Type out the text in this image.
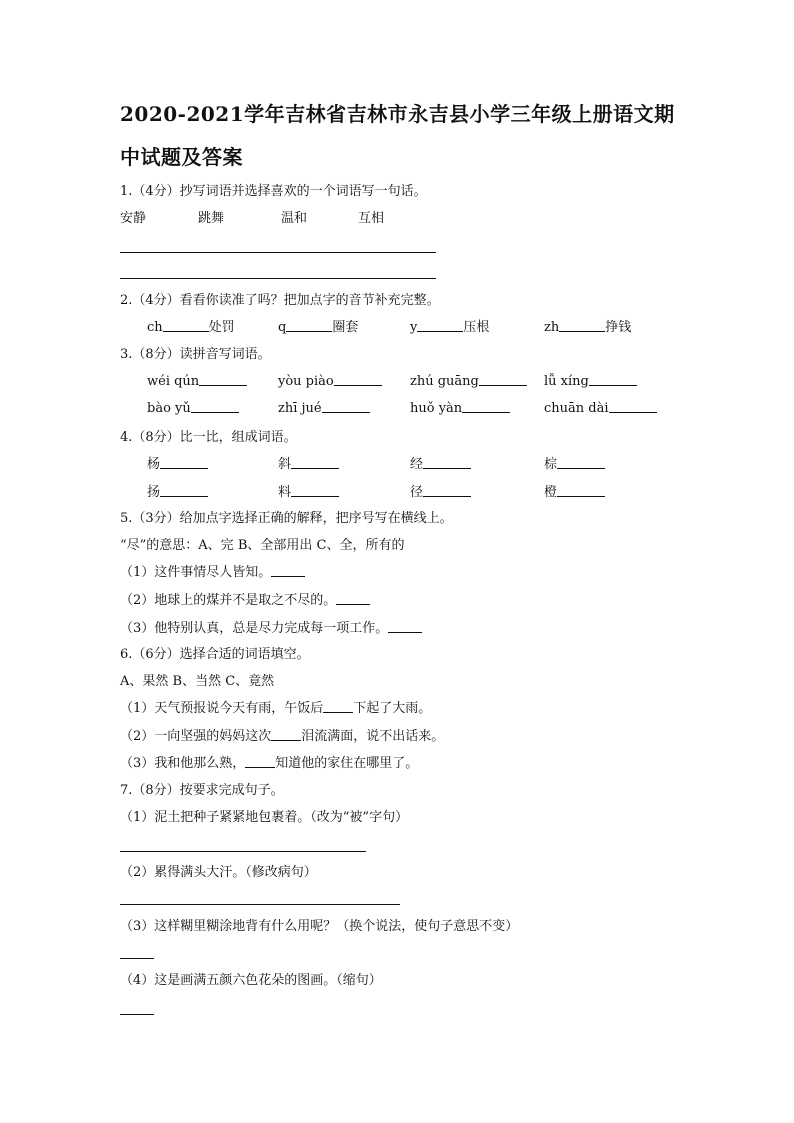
2020-2021学年吉林省吉林市永吉县小学三年级上册语文期
中试题及答案
1.（4分）抄写词语并选择喜欢的一个词语写一句话。
安静	跳舞	温和	互相
2.（4分）看看你读准了吗？把加点字的音节补充完整。
ch	处罚	q	圈套	y	压根	zh	挣钱
3.（8分）读拼音写词语。
wéi qún	yòu piào	zhú guāng	lǚ xíng
bào yǔ	zhī jué	huǒ yàn	chuān dài
4.（8分）比一比，组成词语。
杨	斜	经	棕
扬	料	径	橙
5.（3分）给加点字选择正确的解释，把序号写在横线上。
“尽”的意思：A、完 B、全部用出 C、全，所有的
（1）这件事情尽人皆知。
（2）地球上的煤并不是取之不尽的。
（3）他特别认真，总是尽力完成每一项工作。
6.（6分）选择合适的词语填空。
A、果然 B、当然 C、竟然
（1）天气预报说今天有雨，午饭后 下起了大雨。
（2）一向坚强的妈妈这次 泪流满面，说不出话来。
（3）我和他那么熟， 知道他的家住在哪里了。
7.（8分）按要求完成句子。
（1）泥土把种子紧紧地包裹着。（改为“被”字句）
（2）累得满头大汗。（修改病句）
（3）这样糊里糊涂地背有什么用呢？（换个说法，使句子意思不变）
（4）这是画满五颜六色花朵的图画。（缩句）
